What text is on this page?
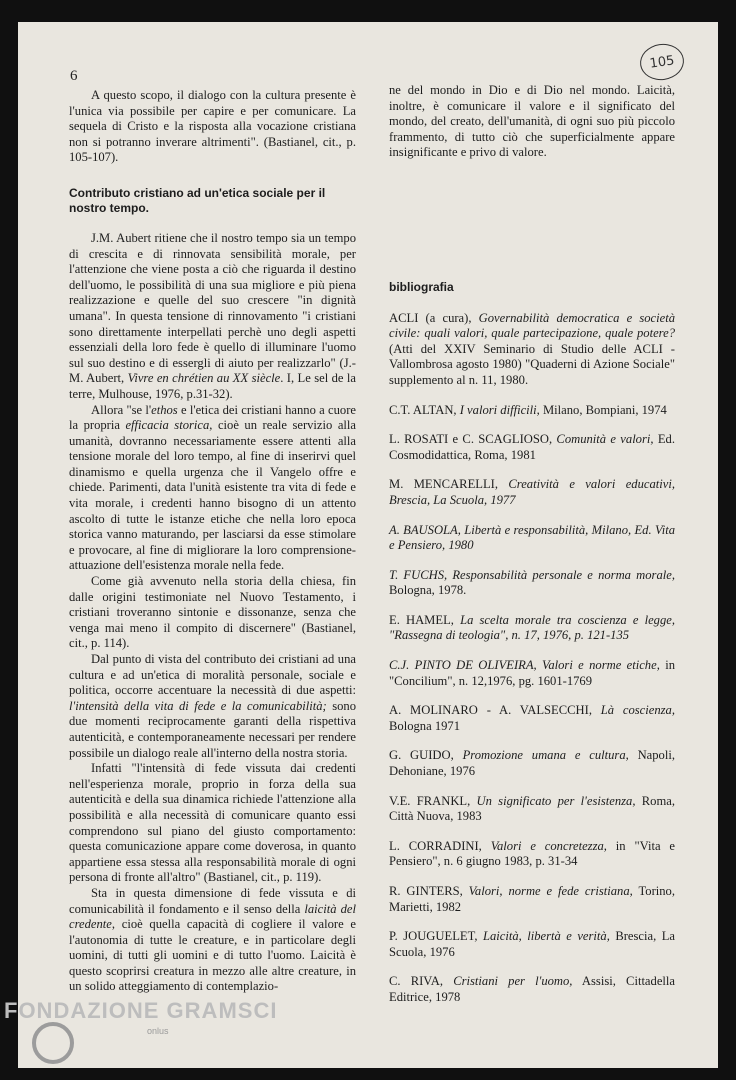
6
105

A questo scopo, il dialogo con la cultura presente è l'unica via possibile per capire e per comunicare. La sequela di Cristo e la risposta alla vocazione cristiana non si potranno inverare altrimenti". (Bastianel, cit., p. 105-107).

Contributo cristiano ad un'etica sociale per il nostro tempo.

J.M. Aubert ritiene che il nostro tempo sia un tempo di crescita e di rinnovata sensibilità morale, per l'attenzione che viene posta a ciò che riguarda il destino dell'uomo, le possibilità di una sua migliore e più piena realizzazione e quelle del suo crescere "in dignità umana". In questa tensione di rinnovamento "i cristiani sono direttamente interpellati perchè uno degli aspetti essenziali della loro fede è quello di illuminare l'uomo sul suo destino e di essergli di aiuto per realizzarlo" (J.-M. Aubert, Vivre en chrétien au XX siècle. I, Le sel de la terre, Mulhouse, 1976, p.31-32).

Allora "se l'ethos e l'etica dei cristiani hanno a cuore la propria efficacia storica, cioè un reale servizio alla umanità, dovranno necessariamente essere attenti alla tensione morale del loro tempo, al fine di inserirvi quel dinamismo e quella urgenza che il Vangelo offre e chiede. Parimenti, data l'unità esistente tra vita di fede e vita morale, i credenti hanno bisogno di un attento ascolto di tutte le istanze etiche che nella loro epoca storica vanno maturando, per lasciarsi da esse stimolare e provocare, al fine di migliorare la loro comprensione-attuazione dell'esistenza morale nella fede.

Come già avvenuto nella storia della chiesa, fin dalle origini testimoniate nel Nuovo Testamento, i cristiani troveranno sintonie e dissonanze, senza che venga mai meno il compito di discernere" (Bastianel, cit., p. 114).

Dal punto di vista del contributo dei cristiani ad una cultura e ad un'etica di moralità personale, sociale e politica, occorre accentuare la necessità di due aspetti: l'intensità della vita di fede e la comunicabilità; sono due momenti reciprocamente garanti della rispettiva autenticità, e contemporaneamente necessari per rendere possibile un dialogo reale all'interno della nostra storia.

Infatti "l'intensità di fede vissuta dai credenti nell'esperienza morale, proprio in forza della sua autenticità e della sua dinamica richiede l'attenzione alla possibilità e alla necessità di comunicare quanto essi comprendono sul piano del giusto comportamento: questa comunicazione appare come doverosa, in quanto appartiene essa stessa alla responsabilità morale di ogni persona di fronte all'altro" (Bastianel, cit., p. 119).

Sta in questa dimensione di fede vissuta e di comunicabilità il fondamento e il senso della laicità del credente, cioè quella capacità di cogliere il valore e l'autonomia di tutte le creature, e in particolare degli uomini, di tutti gli uomini e di tutto l'uomo. Laicità è questo scoprirsi creatura in mezzo alle altre creature, in un solido atteggiamento di contemplazio-

ne del mondo in Dio e di Dio nel mondo. Laicità, inoltre, è comunicare il valore e il significato del mondo, del creato, dell'umanità, di ogni suo più piccolo frammento, di tutto ciò che superficialmente appare insignificante e privo di valore.

bibliografia

ACLI (a cura), Governabilità democratica e società civile: quali valori, quale partecipazione, quale potere? (Atti del XXIV Seminario di Studio delle ACLI - Vallombrosa agosto 1980) "Quaderni di Azione Sociale" supplemento al n. 11, 1980.

C.T. ALTAN, I valori difficili, Milano, Bompiani, 1974

L. ROSATI e C. SCAGLIOSO, Comunità e valori, Ed. Cosmodidattica, Roma, 1981

M. MENCARELLI, Creatività e valori educativi, Brescia, La Scuola, 1977

A. BAUSOLA, Libertà e responsabilità, Milano, Ed. Vita e Pensiero, 1980

T. FUCHS, Responsabilità personale e norma morale, Bologna, 1978.

E. HAMEL, La scelta morale tra coscienza e legge, "Rassegna di teologia", n. 17, 1976, p. 121-135

C.J. PINTO DE OLIVEIRA, Valori e norme etiche, in "Concilium", n. 12,1976, pg. 1601-1769

A. MOLINARO - A. VALSECCHI, Là coscienza, Bologna 1971

G. GUIDO, Promozione umana e cultura, Napoli, Dehoniane, 1976

V.E. FRANKL, Un significato per l'esistenza, Roma, Città Nuova, 1983

L. CORRADINI, Valori e concretezza, in "Vita e Pensiero", n. 6 giugno 1983, p. 31-34

R. GINTERS, Valori, norme e fede cristiana, Torino, Marietti, 1982

P. JOUGUELET, Laicità, libertà e verità, Brescia, La Scuola, 1976

C. RIVA, Cristiani per l'uomo, Assisi, Cittadella Editrice, 1978

FONDAZIONE GRAMSCI
onlus
